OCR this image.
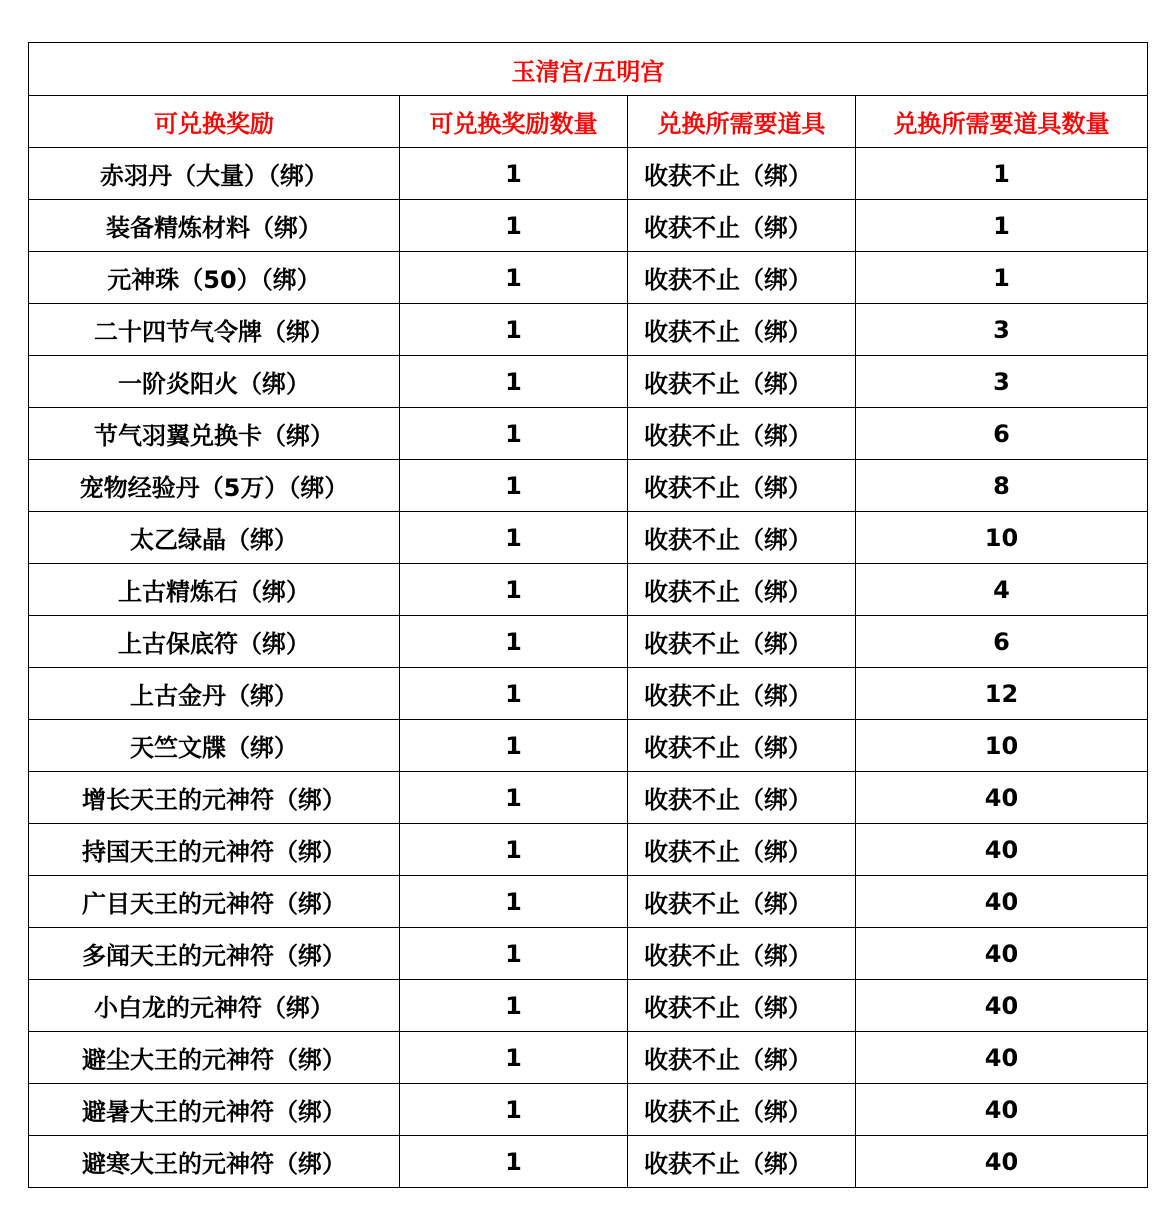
玉清宫/五明宫			
可兑换奖励	可兑换奖励数量	兑换所需要道具	兑换所需要道具数量
赤羽丹（大量）（绑）	1	收获不止（绑）	1
装备精炼材料（绑）	1	收获不止（绑）	1
元神珠（50）（绑）	1	收获不止（绑）	1
二十四节气令牌（绑）	1	收获不止（绑）	3
一阶炎阳火（绑）	1	收获不止（绑）	3
节气羽翼兑换卡（绑）	1	收获不止（绑）	6
宠物经验丹（5万）（绑）	1	收获不止（绑）	8
太乙绿晶（绑）	1	收获不止（绑）	10
上古精炼石（绑）	1	收获不止（绑）	4
上古保底符（绑）	1	收获不止（绑）	6
上古金丹（绑）	1	收获不止（绑）	12
天竺文牒（绑）	1	收获不止（绑）	10
增长天王的元神符（绑）	1	收获不止（绑）	40
持国天王的元神符（绑）	1	收获不止（绑）	40
广目天王的元神符（绑）	1	收获不止（绑）	40
多闻天王的元神符（绑）	1	收获不止（绑）	40
小白龙的元神符（绑）	1	收获不止（绑）	40
避尘大王的元神符（绑）	1	收获不止（绑）	40
避暑大王的元神符（绑）	1	收获不止（绑）	40
避寒大王的元神符（绑）	1	收获不止（绑）	40
